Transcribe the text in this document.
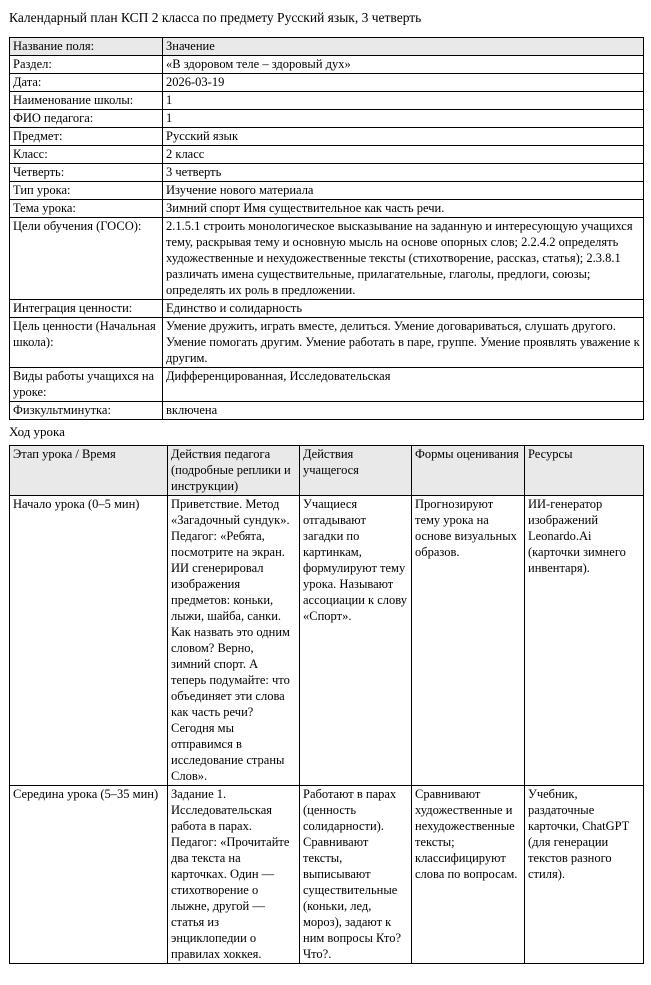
Календарный план КСП 2 класса по предмету Русский язык, 3 четверть
Название поля:	Значение
Раздел:	«В здоровом теле – здоровый дух»
Дата:	2026-03-19
Наименование школы:	1
ФИО педагога:	1
Предмет:	Русский язык
Класс:	2 класс
Четверть:	3 четверть
Тип урока:	Изучение нового материала
Тема урока:	Зимний спорт Имя существительное как часть речи.
Цели обучения (ГОСО):	2.1.5.1 строить монологическое высказывание на заданную и интересующую учащихся тему, раскрывая тему и основную мысль на основе опорных слов; 2.2.4.2 определять художественные и нехудожественные тексты (стихотворение, рассказ, статья); 2.3.8.1 различать имена существительные, прилагательные, глаголы, предлоги, союзы; определять их роль в предложении.
Интеграция ценности:	Единство и солидарность
Цель ценности (Начальная школа):	Умение дружить, играть вместе, делиться. Умение договариваться, слушать другого. Умение помогать другим. Умение работать в паре, группе. Умение проявлять уважение к другим.
Виды работы учащихся на уроке:	Дифференцированная, Исследовательская
Физкультминутка:	включена
Ход урока
Этап урока / Время	Действия педагога (подробные реплики и инструкции)	Действия учащегося	Формы оценивания	Ресурсы
Начало урока (0–5 мин)	Приветствие. Метод «Загадочный сундук». Педагог: «Ребята, посмотрите на экран. ИИ сгенерировал изображения предметов: коньки, лыжи, шайба, санки. Как назвать это одним словом? Верно, зимний спорт. А теперь подумайте: что объединяет эти слова как часть речи? Сегодня мы отправимся в исследование страны Слов».	Учащиеся отгадывают загадки по картинкам, формулируют тему урока. Называют ассоциации к слову «Спорт».	Прогнозируют тему урока на основе визуальных образов.	ИИ-генератор изображений Leonardo.Ai (карточки зимнего инвентаря).
Середина урока (5–35 мин)	Задание 1. Исследовательская работа в парах. Педагог: «Прочитайте два текста на карточках. Один — стихотворение о лыжне, другой — статья из энциклопедии о правилах хоккея.	Работают в парах (ценность солидарности). Сравнивают тексты, выписывают существительные (коньки, лед, мороз), задают к ним вопросы Кто? Что?.	Сравнивают художественные и нехудожественные тексты; классифицируют слова по вопросам.	Учебник, раздаточные карточки, ChatGPT (для генерации текстов разного стиля).
